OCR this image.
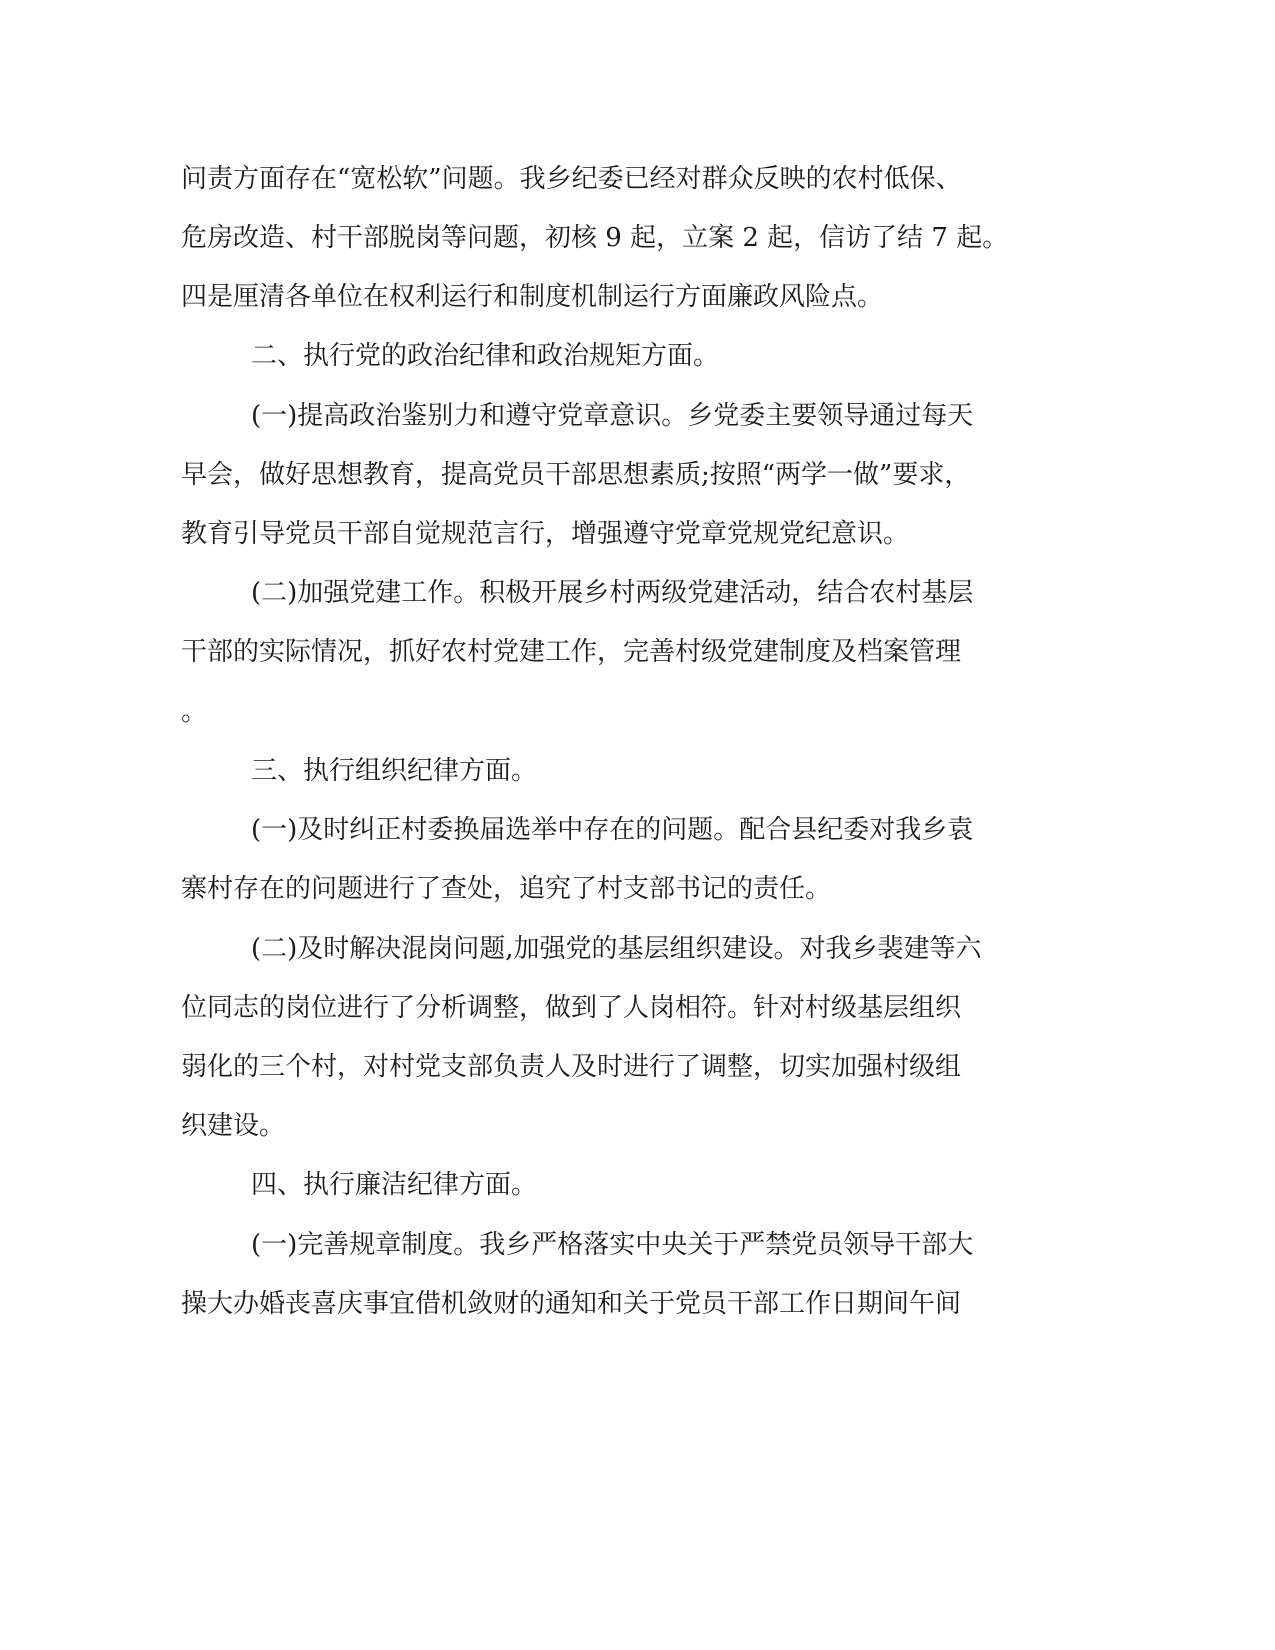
问责方面存在“宽松软”问题。我乡纪委已经对群众反映的农村低保、
危房改造、村干部脱岗等问题，初核 9 起，立案 2 起，信访了结 7 起。
四是厘清各单位在权利运行和制度机制运行方面廉政风险点。
二、执行党的政治纪律和政治规矩方面。
(一)提高政治鉴别力和遵守党章意识。乡党委主要领导通过每天
早会，做好思想教育，提高党员干部思想素质;按照“两学一做”要求，
教育引导党员干部自觉规范言行，增强遵守党章党规党纪意识。
(二)加强党建工作。积极开展乡村两级党建活动，结合农村基层
干部的实际情况，抓好农村党建工作，完善村级党建制度及档案管理
。
三、执行组织纪律方面。
(一)及时纠正村委换届选举中存在的问题。配合县纪委对我乡袁
寨村存在的问题进行了查处，追究了村支部书记的责任。
(二)及时解决混岗问题,加强党的基层组织建设。对我乡裴建等六
位同志的岗位进行了分析调整，做到了人岗相符。针对村级基层组织
弱化的三个村，对村党支部负责人及时进行了调整，切实加强村级组
织建设。
四、执行廉洁纪律方面。
(一)完善规章制度。我乡严格落实中央关于严禁党员领导干部大
操大办婚丧喜庆事宜借机敛财的通知和关于党员干部工作日期间午间
